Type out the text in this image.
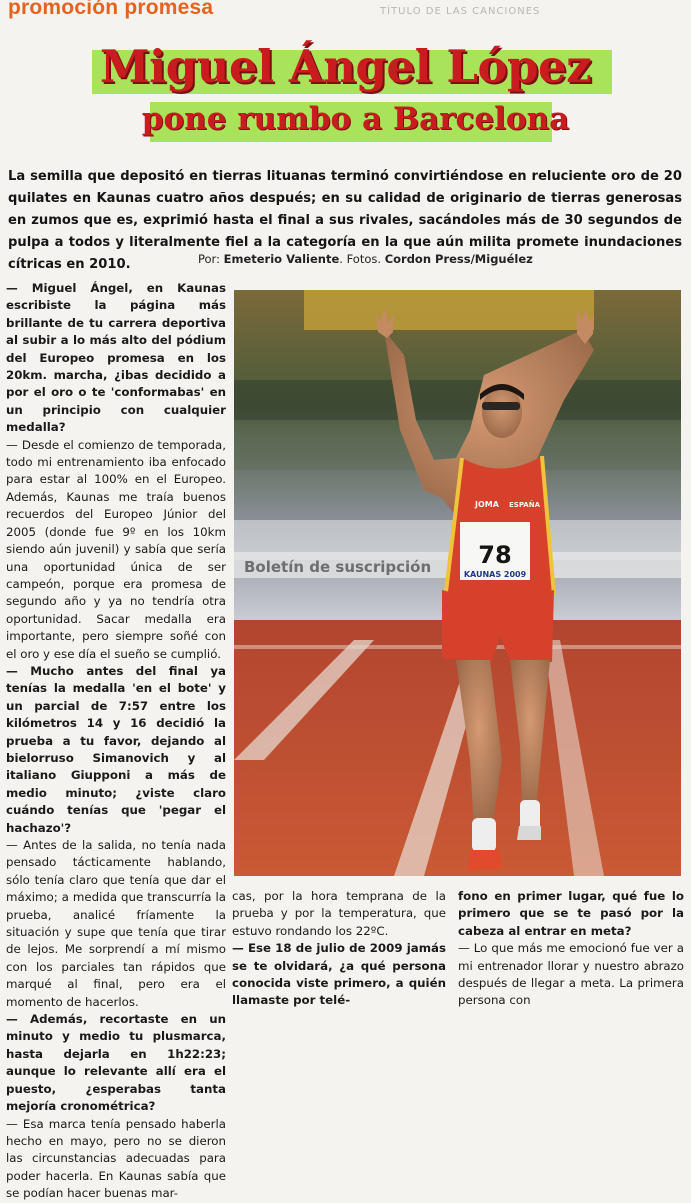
promoción promesa	TÍTULO DE LAS CANCIONES
Miguel Ángel López
pone rumbo a Barcelona
La semilla que depositó en tierras lituanas terminó convirtiéndose en reluciente oro de 20 quilates en Kaunas cuatro años después; en su calidad de originario de tierras generosas en zumos que es, exprimió hasta el final a sus rivales, sacándoles más de 30 segundos de pulpa a todos y literalmente fiel a la categoría en la que aún milita promete inundaciones cítricas en 2010.	Por: Emeterio Valiente. Fotos. Cordon Press/Miguélez

— Miguel Ángel, en Kaunas escribiste la página más brillante de tu carrera deportiva al subir a lo más alto del pódium del Europeo promesa en los 20km. marcha, ¿ibas decidido a por el oro o te 'conformabas' en un principio con cualquier medalla?

— Desde el comienzo de temporada, todo mi entrenamiento iba enfocado para estar al 100% en el Europeo. Además, Kaunas me traía buenos recuerdos del Europeo Júnior del 2005 (donde fue 9º en los 10km siendo aún juvenil) y sabía que sería una oportunidad única de ser campeón, porque era promesa de segundo año y ya no tendría otra oportunidad. Sacar medalla era importante, pero siempre soñé con el oro y ese día el sueño se cumplió.

— Mucho antes del final ya tenías la medalla 'en el bote' y un parcial de 7:57 entre los kilómetros 14 y 16 decidió la prueba a tu favor, dejando al bielorruso Simanovich y al italiano Giupponi a más de medio minuto; ¿viste claro cuándo tenías que 'pegar el hachazo'?

— Antes de la salida, no tenía nada pensado tácticamente hablando, sólo tenía claro que tenía que dar el máximo; a medida que transcurría la prueba, analicé fríamente la situación y supe que tenía que tirar de lejos. Me sorprendí a mí mismo con los parciales tan rápidos que marqué al final, pero era el momento de hacerlos.

— Además, recortaste en un minuto y medio tu plusmarca, hasta dejarla en 1h22:23; aunque lo relevante allí era el puesto, ¿esperabas tanta mejoría cronométrica?

— Esa marca tenía pensado haberla hecho en mayo, pero no se dieron las circunstancias adecuadas para poder hacerla. En Kaunas sabía que se podían hacer buenas mar-

Boletín de suscripción
JOMA ESPAÑA
78
KAUNAS 2009

cas, por la hora temprana de la prueba y por la temperatura, que estuvo rondando los 22ºC.

— Ese 18 de julio de 2009 jamás se te olvidará, ¿a qué persona conocida viste primero, a quién llamaste por telé-

fono en primer lugar, qué fue lo primero que se te pasó por la cabeza al entrar en meta?

— Lo que más me emocionó fue ver a mi entrenador llorar y nuestro abrazo después de llegar a meta. La primera persona con
